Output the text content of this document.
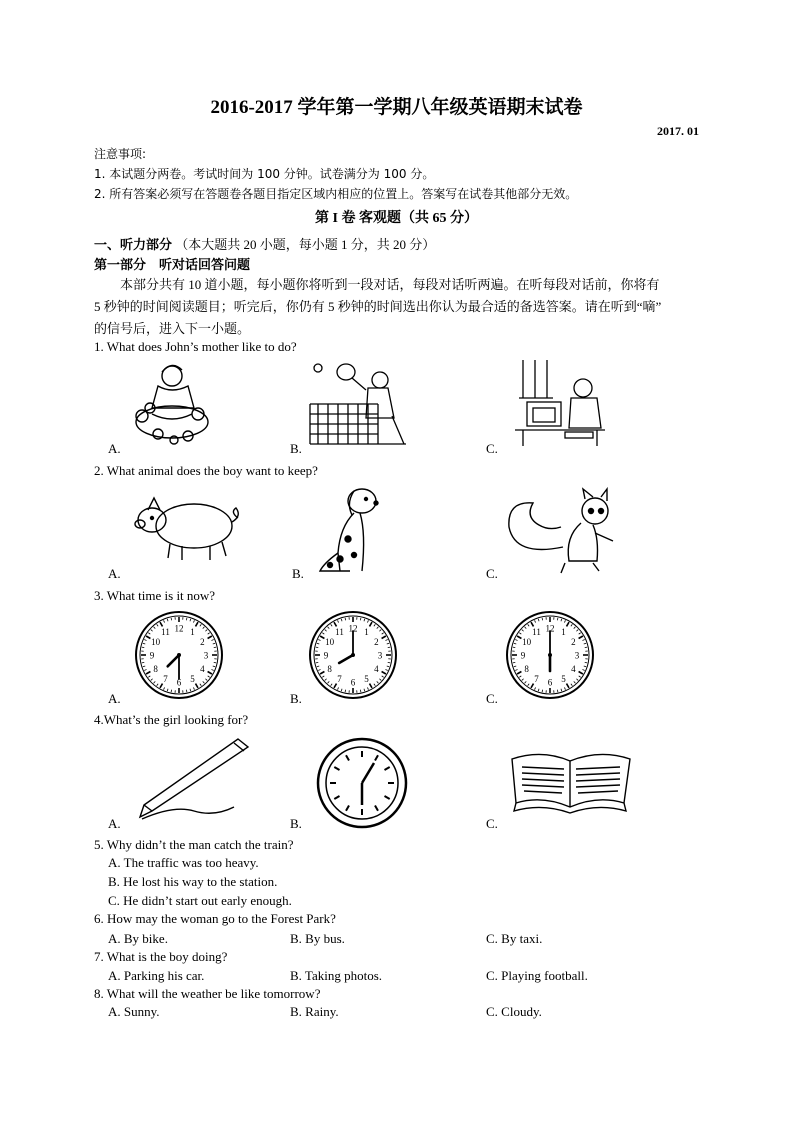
2016-2017 学年第一学期八年级英语期末试卷
2017. 01
注意事项:
1. 本试题分两卷。考试时间为 100 分钟。试卷满分为 100 分。
2. 所有答案必须写在答题卷各题目指定区域内相应的位置上。答案写在试卷其他部分无效。
第 I 卷 客观题（共 65 分）
一、听力部分 （本大题共 20 小题，每小题 1 分，共 20 分）
第一部分　听对话回答问题
本部分共有 10 道小题，每小题你将听到一段对话，每段对话听两遍。在听每段对话前，你将有
5 秒钟的时间阅读题目；听完后，你仍有 5 秒钟的时间选出你认为最合适的备选答案。请在听到“嘀”
的信号后，进入下一小题。
1. What does John’s mother like to do?
A.	B.	C.
2. What animal does the boy want to keep?
A.	B.	C.
3. What time is it now?
12 1
2
3
4
5
6
7
8
9
10
11	12 1
2
3
4
5
6
7
8
9
10
11	12 1
2
3
4
5
6
7
8
9
10
11
A.	B.	C.
4.What’s the girl looking for?
A.	B.	C.
5. Why didn’t the man catch the train?
A. The traffic was too heavy.
B. He lost his way to the station.
C. He didn’t start out early enough.
6. How may the woman go to the Forest Park?
A. By bike.	B. By bus.	C. By taxi.
7. What is the boy doing?
A. Parking his car.	B. Taking photos.	C. Playing football.
8. What will the weather be like tomorrow?
A. Sunny.	B. Rainy.	C. Cloudy.
